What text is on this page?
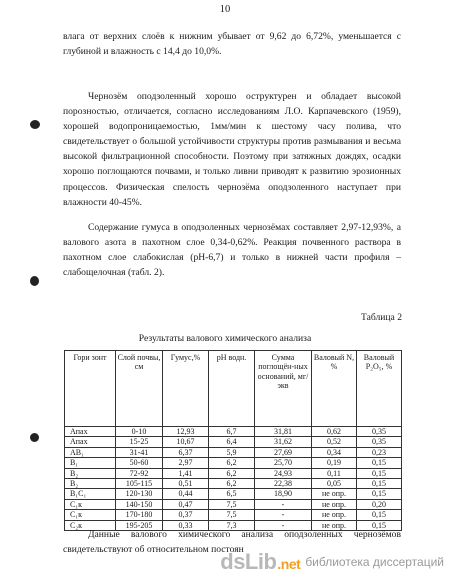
10

влага от верхних слоёв к нижним убывает от 9,62 до 6,72%, уменьшается с глубиной и влажность с 14,4 до 10,0%.

Чернозём оподзоленный хорошо оструктурен и обладает высокой порозностью, отличается, согласно исследованиям Л.О. Карпачевского (1959), хорошей водопроницаемостью, 1мм/мин к шестому часу полива, что свидетельствует о большой устойчивости структуры против размывания и весьма высокой фильтрационной способности. Поэтому при затяжных дождях, осадки хорошо поглощаются почвами, и только ливни приводят к развитию эрозионных процессов. Физическая спелость чернозёма оподзоленного наступает при влажности 40-45%.

Содержание гумуса в оподзоленных чернозёмах составляет 2,97-12,93%, а валового азота в пахотном слое 0,34-0,62%. Реакция почвенного раствора в пахотном слое слабокислая (рН-6,7) и только в нижней части профиля – слабощелочная (табл. 2).

Таблица 2
Результаты валового химического анализа
Гори зонт	Слой почвы, см	Гумус,%	рН водн.	Сумма поглощён-ных оснований, мг/экв	Валовый N, %	Валовый P₂O₅, %
Aпах	0-10	12,93	6,7	31,81	0,62	0,35
Aпах	15-25	10,67	6,4	31,62	0,52	0,35
AB₁	31-41	6,37	5,9	27,69	0,34	0,23
B₁	50-60	2,97	6,2	25,70	0,19	0,15
B₂	72-92	1,41	6,2	24,93	0,11	0,15
B₂	105-115	0,51	6,2	22,38	0,05	0,15
B₁C₁	120-130	0,44	6,5	18,90	не опр.	0,15
C₁к	140-150	0,47	7,5	-	не опр.	0,20
C₁к	170-180	0,37	7,5	-	не опр.	0,15
C₂к	195-205	0,33	7,3	-	не опр.	0,15

Данные валового химического анализа оподзоленных чернозёмов свидетельствуют об относительном постоян

dsLib.net библиотека диссертаций
